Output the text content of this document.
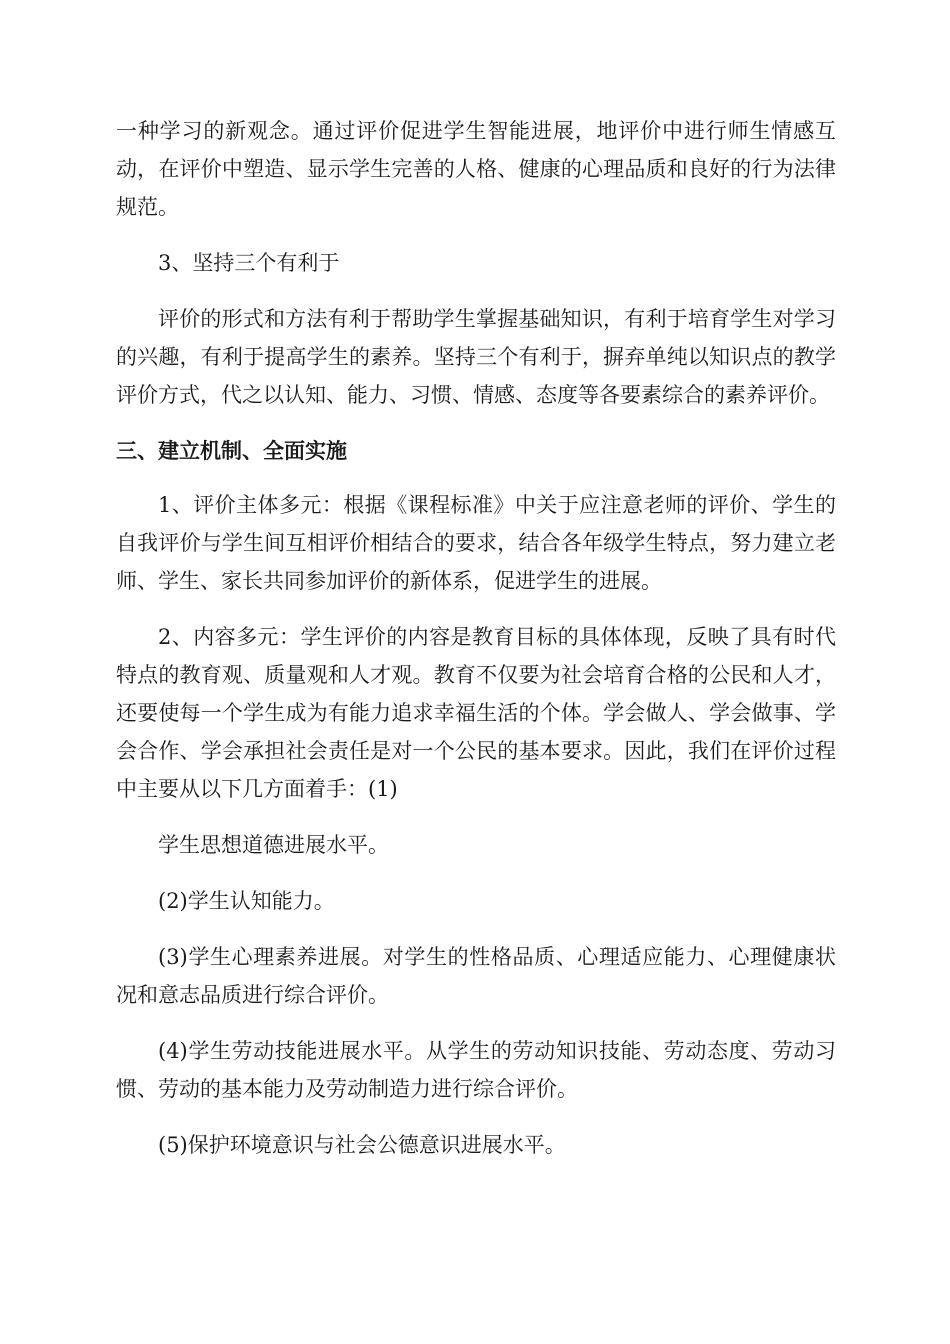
一种学习的新观念。通过评价促进学生智能进展，地评价中进行师生情感互动，在评价中塑造、显示学生完善的人格、健康的心理品质和良好的行为法律规范。

3、坚持三个有利于

评价的形式和方法有利于帮助学生掌握基础知识，有利于培育学生对学习的兴趣，有利于提高学生的素养。坚持三个有利于，摒弃单纯以知识点的教学评价方式，代之以认知、能力、习惯、情感、态度等各要素综合的素养评价。

三、建立机制、全面实施

1、评价主体多元：根据《课程标准》中关于应注意老师的评价、学生的自我评价与学生间互相评价相结合的要求，结合各年级学生特点，努力建立老师、学生、家长共同参加评价的新体系，促进学生的进展。

2、内容多元：学生评价的内容是教育目标的具体体现，反映了具有时代特点的教育观、质量观和人才观。教育不仅要为社会培育合格的公民和人才，还要使每一个学生成为有能力追求幸福生活的个体。学会做人、学会做事、学会合作、学会承担社会责任是对一个公民的基本要求。因此，我们在评价过程中主要从以下几方面着手：(1)

学生思想道德进展水平。

(2)学生认知能力。

(3)学生心理素养进展。对学生的性格品质、心理适应能力、心理健康状况和意志品质进行综合评价。

(4)学生劳动技能进展水平。从学生的劳动知识技能、劳动态度、劳动习惯、劳动的基本能力及劳动制造力进行综合评价。

(5)保护环境意识与社会公德意识进展水平。
